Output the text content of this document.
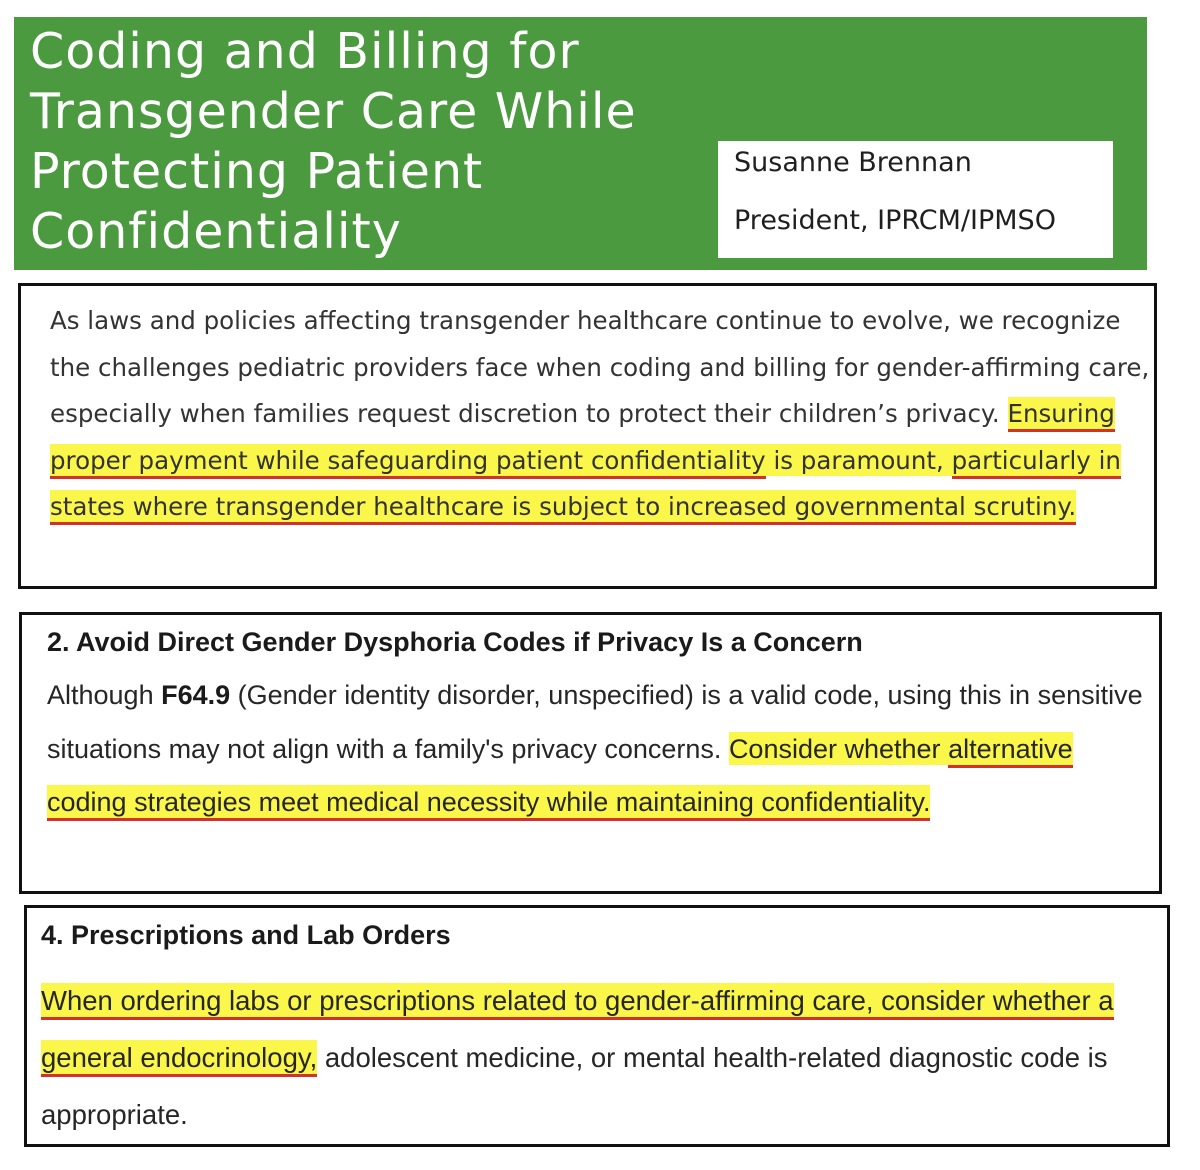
Coding and Billing for Transgender Care While Protecting Patient Confidentiality
Susanne Brennan
President, IPRCM/IPMSO

As laws and policies affecting transgender healthcare continue to evolve, we recognize the challenges pediatric providers face when coding and billing for gender-affirming care, especially when families request discretion to protect their children’s privacy. Ensuring proper payment while safeguarding patient confidentiality is paramount, particularly in states where transgender healthcare is subject to increased governmental scrutiny.

2. Avoid Direct Gender Dysphoria Codes if Privacy Is a Concern

Although F64.9 (Gender identity disorder, unspecified) is a valid code, using this in sensitive situations may not align with a family's privacy concerns. Consider whether alternative coding strategies meet medical necessity while maintaining confidentiality.

4. Prescriptions and Lab Orders

When ordering labs or prescriptions related to gender-affirming care, consider whether a general endocrinology, adolescent medicine, or mental health-related diagnostic code is appropriate.
